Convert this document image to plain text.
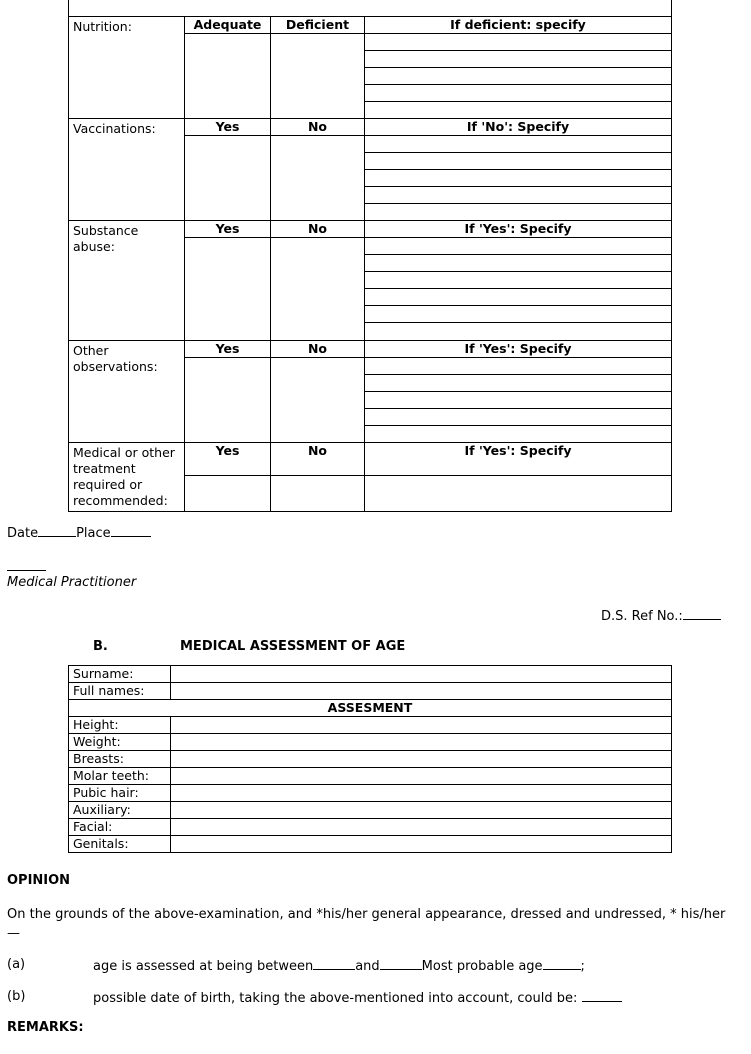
Nutrition:	Adequate	Deficient	If deficient: specify

Vaccinations:	Yes	No	If 'No': Specify

Substance abuse:	Yes	No	If 'Yes': Specify

Other observations:	Yes	No	If 'Yes': Specify

Medical or other treatment required or recommended:	Yes	No	If 'Yes': Specify
Date	Place
Medical Practitioner
D.S. Ref No.:
B.	MEDICAL ASSESSMENT OF AGE
Surname:	
Full names:	
ASSESMENT	
Height:	
Weight:	
Breasts:	
Molar teeth:	
Pubic hair:	
Auxiliary:	
Facial:	
Genitals:	
OPINION
On the grounds of the above-examination, and *his/her general appearance, dressed and undressed, * his/her—
(a)	age is assessed at being between	and	Most probable age	;
(b)	possible date of birth, taking the above-mentioned into account, could be:
REMARKS:
